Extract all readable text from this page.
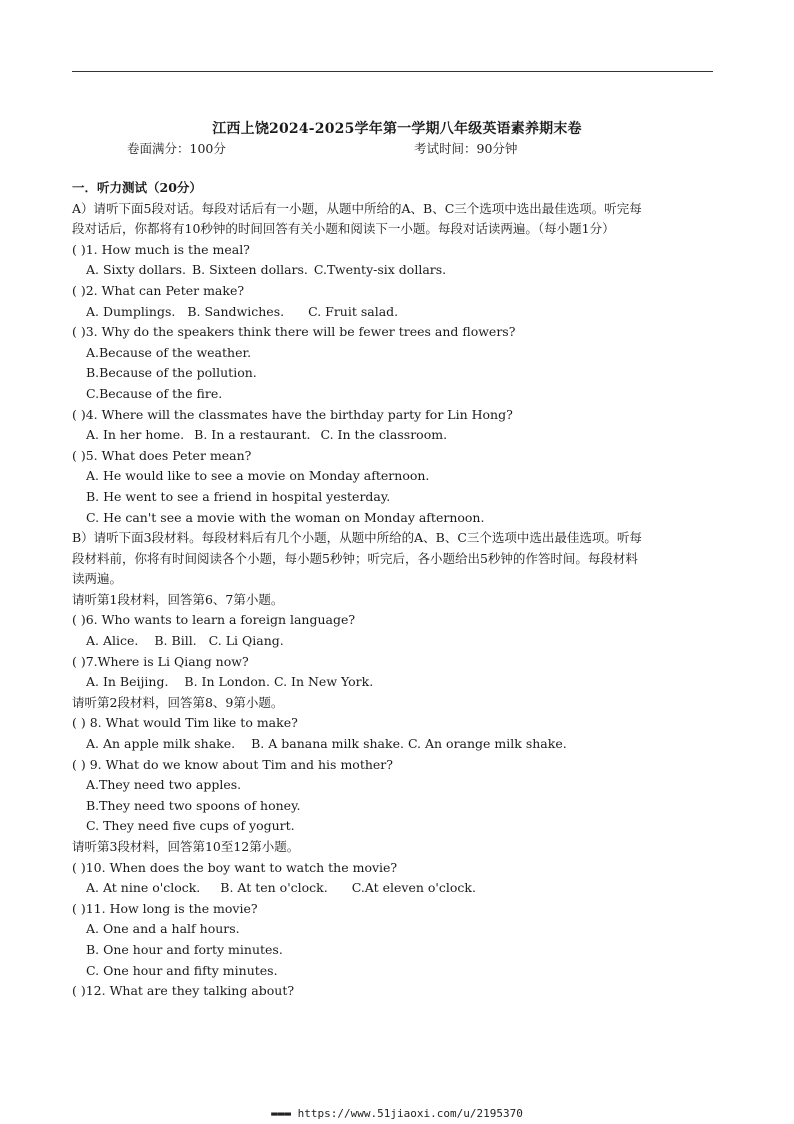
江西上饶2024-2025学年第一学期八年级英语素养期末卷
卷面满分：100分	考试时间：90分钟
一．听力测试（20分）
A）请听下面5段对话。每段对话后有一小题，从题中所给的A、B、C三个选项中选出最佳选项。听完每
段对话后，你都将有10秒钟的时间回答有关小题和阅读下一小题。每段对话读两遍。（每小题1分）
( )1. How much is the meal?
A. Sixty dollars. B. Sixteen dollars. C.Twenty-six dollars.
( )2. What can Peter make?
A. Dumplings. B. Sandwiches. C. Fruit salad.
( )3. Why do the speakers think there will be fewer trees and flowers?
A.Because of the weather.
B.Because of the pollution.
C.Because of the fire.
( )4. Where will the classmates have the birthday party for Lin Hong?
A. In her home. B. In a restaurant. C. In the classroom.
( )5. What does Peter mean?
A. He would like to see a movie on Monday afternoon.
B. He went to see a friend in hospital yesterday.
C. He can't see a movie with the woman on Monday afternoon.
B）请听下面3段材料。每段材料后有几个小题，从题中所给的A、B、C三个选项中选出最佳选项。听每
段材料前，你将有时间阅读各个小题，每小题5秒钟；听完后，各小题给出5秒钟的作答时间。每段材料
读两遍。
请听第1段材料，回答第6、7第小题。
( )6. Who wants to learn a foreign language?
A. Alice. B. Bill. C. Li Qiang.
( )7.Where is Li Qiang now?
A. In Beijing. B. In London. C. In New York.
请听第2段材料，回答第8、9第小题。
( ) 8. What would Tim like to make?
A. An apple milk shake. B. A banana milk shake. C. An orange milk shake.
( ) 9. What do we know about Tim and his mother?
A.They need two apples.
B.They need two spoons of honey.
C. They need five cups of yogurt.
请听第3段材料，回答第10至12第小题。
( )10. When does the boy want to watch the movie?
A. At nine o'clock. B. At ten o'clock. C.At eleven o'clock.
( )11. How long is the movie?
A. One and a half hours.
B. One hour and forty minutes.
C. One hour and fifty minutes.
( )12. What are they talking about?
▬▬▬ https://www.51jiaoxi.com/u/2195370
